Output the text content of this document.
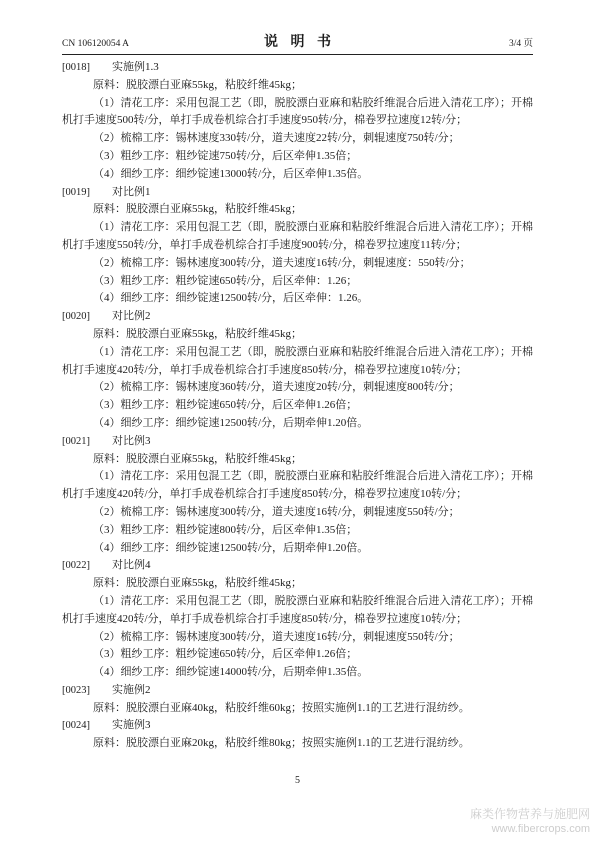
CN 106120054 A	说 明 书	3/4 页
[0018] 实施例1.3

原料：脱胶漂白亚麻55kg，粘胶纤维45kg；

（1）清花工序：采用包混工艺（即，脱胶漂白亚麻和粘胶纤维混合后进入清花工序）；开棉机打手速度500转/分，单打手成卷机综合打手速度950转/分，棉卷罗拉速度12转/分；

（2）梳棉工序：锡林速度330转/分，道夫速度22转/分，刺辊速度750转/分；

（3）粗纱工序：粗纱锭速750转/分，后区牵伸1.35倍；

（4）细纱工序：细纱锭速13000转/分，后区牵伸1.35倍。

[0019] 对比例1

原料：脱胶漂白亚麻55kg，粘胶纤维45kg；

（1）清花工序：采用包混工艺（即，脱胶漂白亚麻和粘胶纤维混合后进入清花工序）；开棉机打手速度550转/分，单打手成卷机综合打手速度900转/分，棉卷罗拉速度11转/分；

（2）梳棉工序：锡林速度300转/分，道夫速度16转/分，刺辊速度：550转/分；

（3）粗纱工序：粗纱锭速650转/分，后区牵伸：1.26；

（4）细纱工序：细纱锭速12500转/分，后区牵伸：1.26。

[0020] 对比例2

原料：脱胶漂白亚麻55kg，粘胶纤维45kg；

（1）清花工序：采用包混工艺（即，脱胶漂白亚麻和粘胶纤维混合后进入清花工序）；开棉机打手速度420转/分，单打手成卷机综合打手速度850转/分，棉卷罗拉速度10转/分；

（2）梳棉工序：锡林速度360转/分，道夫速度20转/分，刺辊速度800转/分；

（3）粗纱工序：粗纱锭速650转/分，后区牵伸1.26倍；

（4）细纱工序：细纱锭速12500转/分，后期牵伸1.20倍。

[0021] 对比例3

原料：脱胶漂白亚麻55kg，粘胶纤维45kg；

（1）清花工序：采用包混工艺（即，脱胶漂白亚麻和粘胶纤维混合后进入清花工序）；开棉机打手速度420转/分，单打手成卷机综合打手速度850转/分，棉卷罗拉速度10转/分；

（2）梳棉工序：锡林速度300转/分，道夫速度16转/分，刺辊速度550转/分；

（3）粗纱工序：粗纱锭速800转/分，后区牵伸1.35倍；

（4）细纱工序：细纱锭速12500转/分，后期牵伸1.20倍。

[0022] 对比例4

原料：脱胶漂白亚麻55kg，粘胶纤维45kg；

（1）清花工序：采用包混工艺（即，脱胶漂白亚麻和粘胶纤维混合后进入清花工序）；开棉机打手速度420转/分，单打手成卷机综合打手速度850转/分，棉卷罗拉速度10转/分；

（2）梳棉工序：锡林速度300转/分，道夫速度16转/分，刺辊速度550转/分；

（3）粗纱工序：粗纱锭速650转/分，后区牵伸1.26倍；

（4）细纱工序：细纱锭速14000转/分，后期牵伸1.35倍。

[0023] 实施例2

原料：脱胶漂白亚麻40kg，粘胶纤维60kg；按照实施例1.1的工艺进行混纺纱。

[0024] 实施例3

原料：脱胶漂白亚麻20kg，粘胶纤维80kg；按照实施例1.1的工艺进行混纺纱。

5
麻类作物营养与施肥网
www.fibercrops.com
